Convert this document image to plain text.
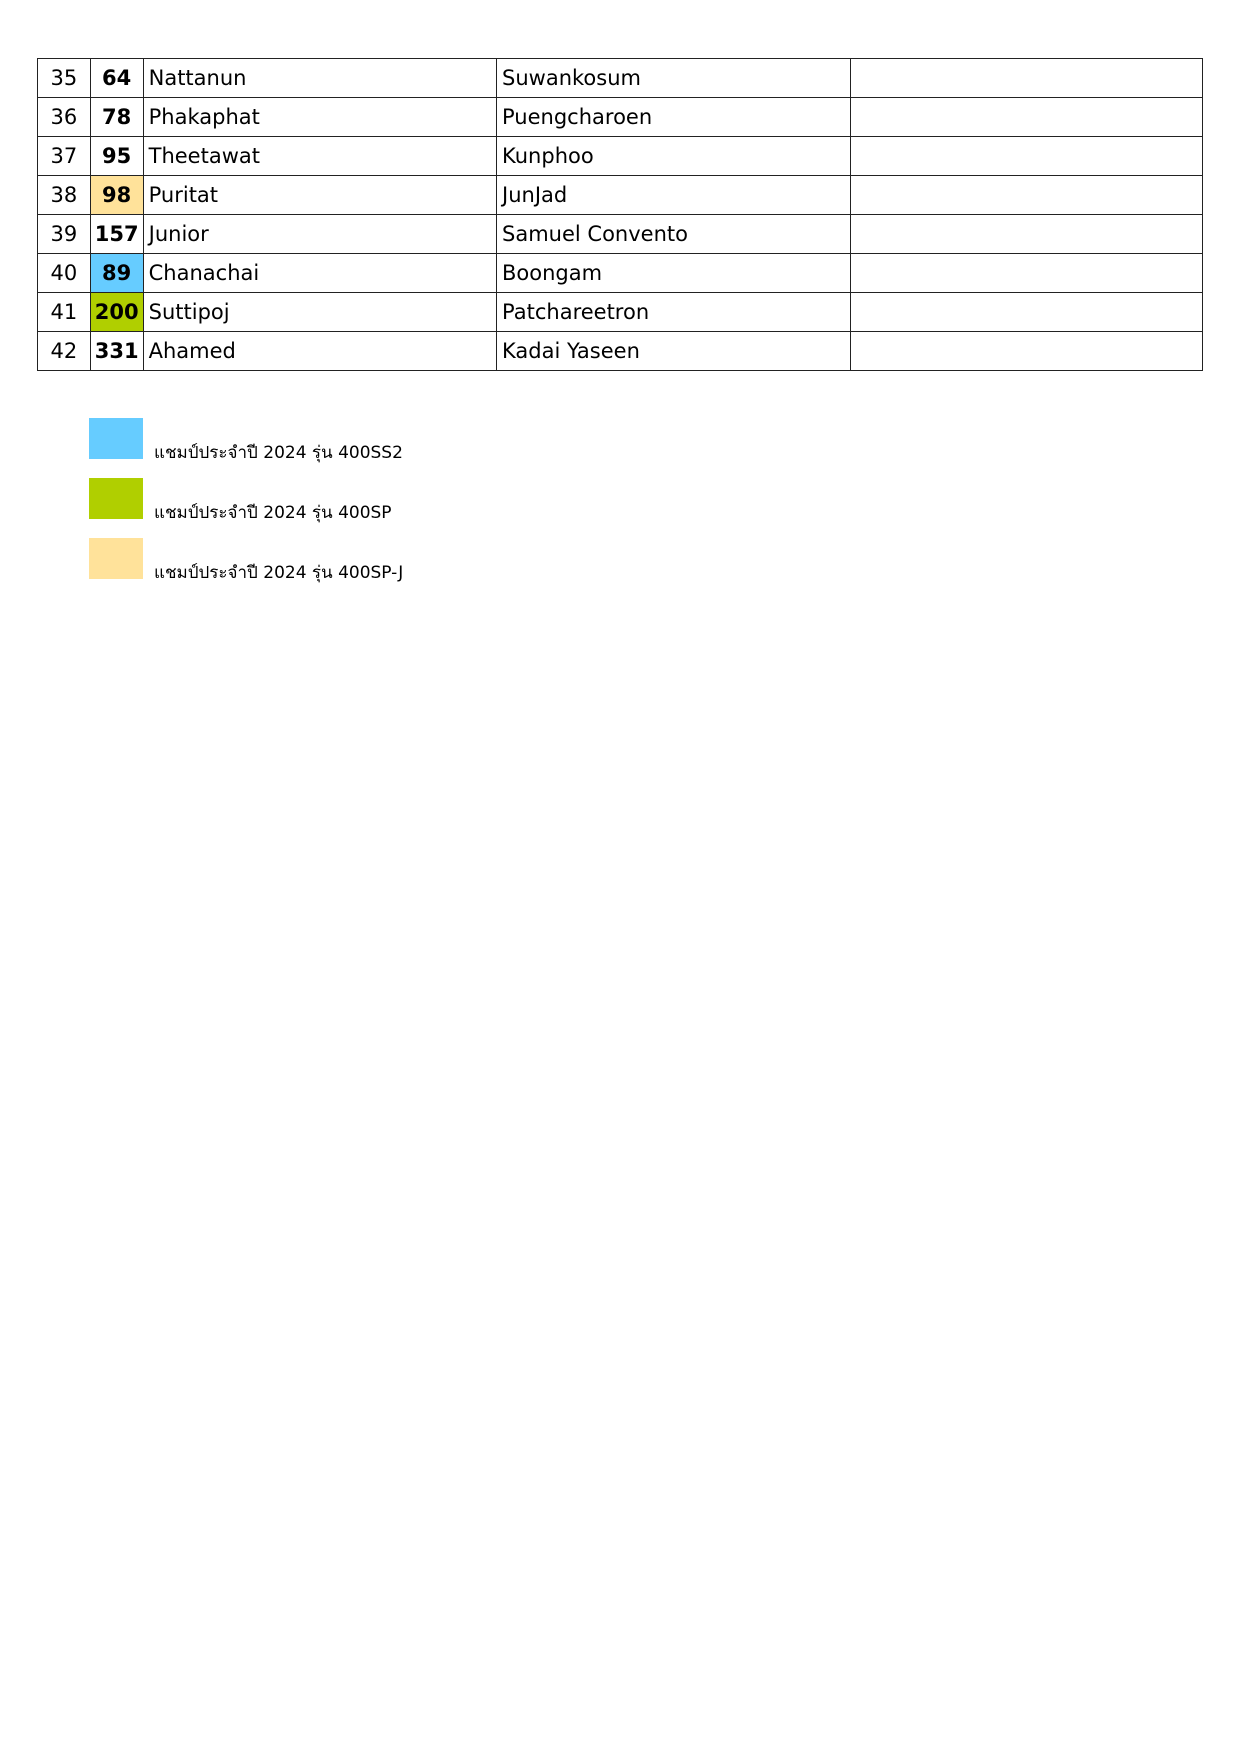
35	64	Nattanun	Suwankosum	
36	78	Phakaphat	Puengcharoen	
37	95	Theetawat	Kunphoo	
38	98	Puritat	JunJad	
39	157	Junior	Samuel Convento	
40	89	Chanachai	Boongam	
41	200	Suttipoj	Patchareetron	
42	331	Ahamed	Kadai Yaseen	
แชมป์ประจำปี 2024 รุ่น 400SS2
แชมป์ประจำปี 2024 รุ่น 400SP
แชมป์ประจำปี 2024 รุ่น 400SP-J
